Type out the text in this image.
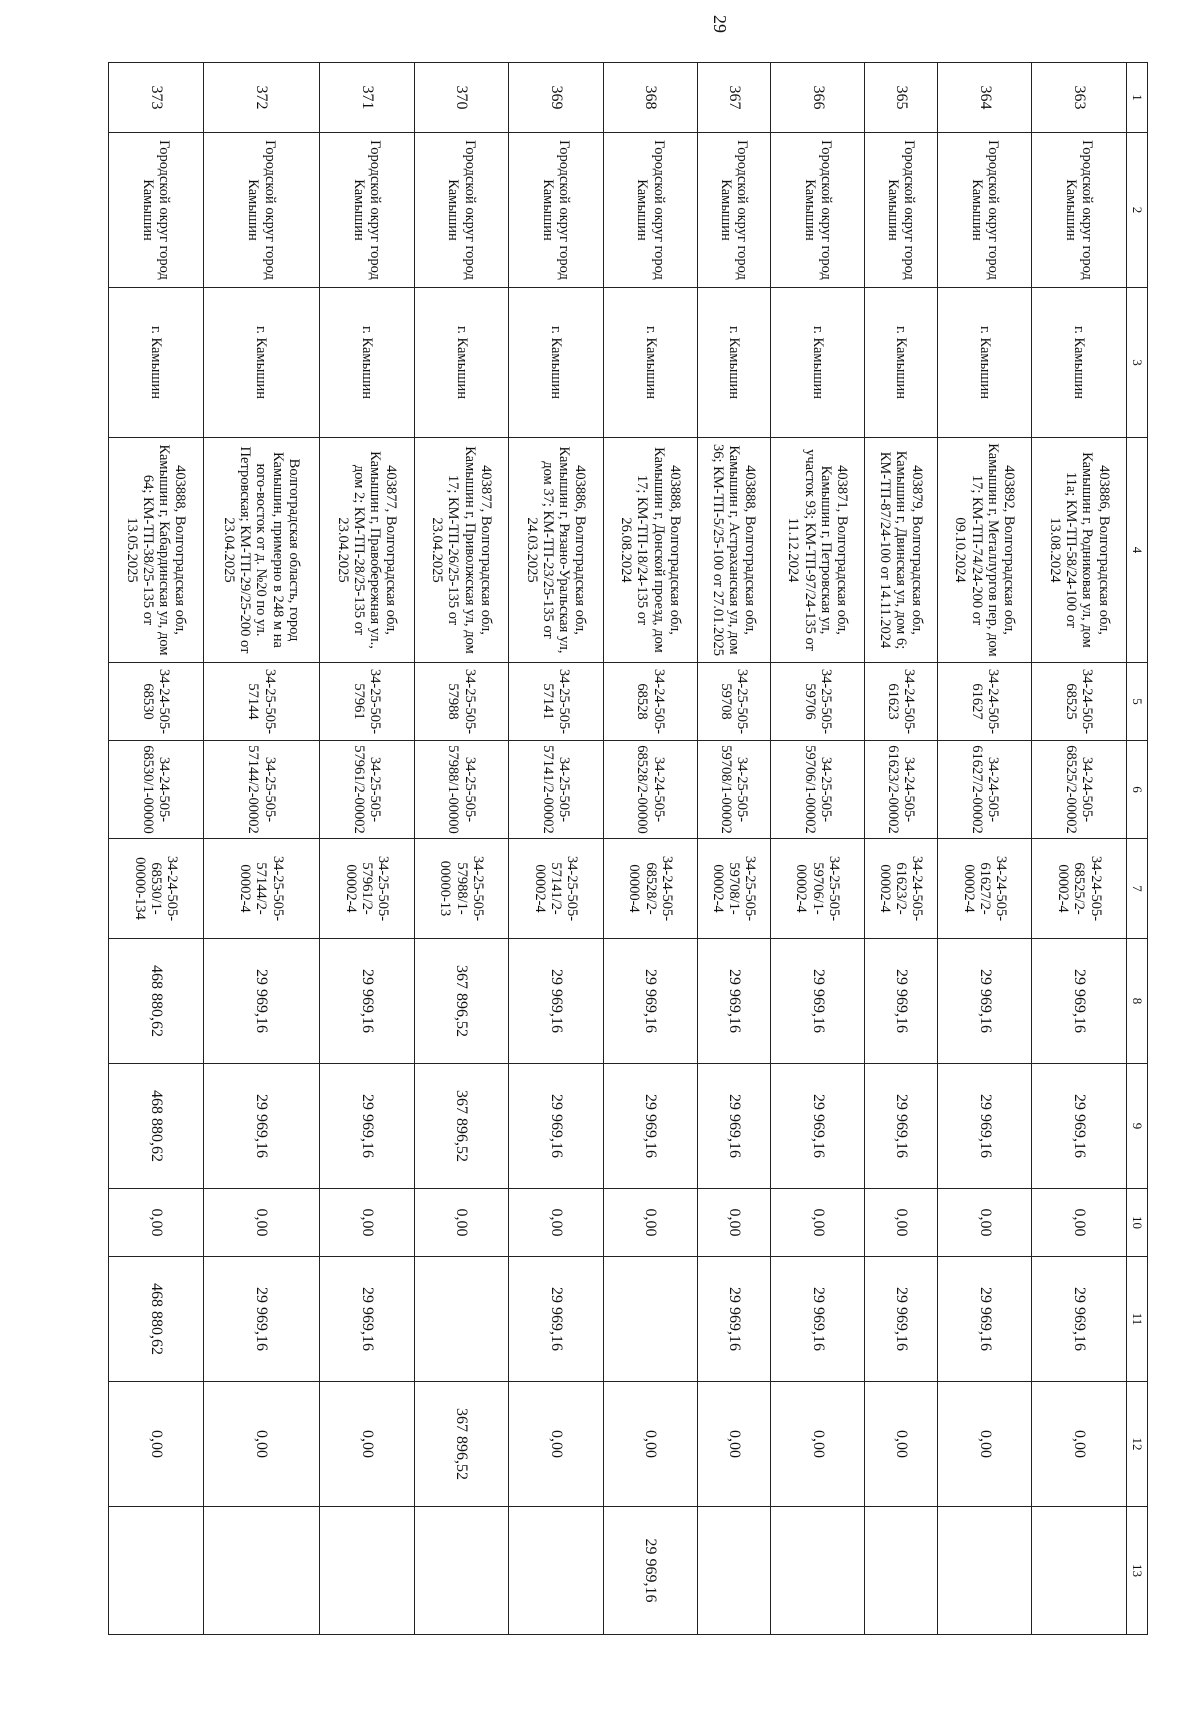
29
1	2	3	4	5	6	7	8	9	10	11	12	13
363	Городской округ город Камышин	г. Камышин	403886, Волгоградская обл, Камышин г, Родниковая ул, дом 11а; КМ-ТП-58/24-100 от 13.08.2024	34-24-505-68525	34-24-505-68525/2-00002	34-24-505-68525/2-00002-4	29 969,16	29 969,16	0,00	29 969,16	0,00	
364	Городской округ город Камышин	г. Камышин	403892, Волгоградская обл, Камышин г, Металлургов пер, дом 17; КМ-ТП-74/24-200 от 09.10.2024	34-24-505-61627	34-24-505-61627/2-00002	34-24-505-61627/2-00002-4	29 969,16	29 969,16	0,00	29 969,16	0,00	
365	Городской округ город Камышин	г. Камышин	403879, Волгоградская обл, Камышин г, Двинская ул, дом 6; КМ-ТП-87/24-100 от 14.11.2024	34-24-505-61623	34-24-505-61623/2-00002	34-24-505-61623/2-00002-4	29 969,16	29 969,16	0,00	29 969,16	0,00	
366	Городской округ город Камышин	г. Камышин	403871, Волгоградская обл, Камышин г, Петровская ул, участок 93; КМ-ТП-97/24-135 от 11.12.2024	34-25-505-59706	34-25-505-59706/1-00002	34-25-505-59706/1-00002-4	29 969,16	29 969,16	0,00	29 969,16	0,00	
367	Городской округ город Камышин	г. Камышин	403888, Волгоградская обл, Камышин г, Астраханская ул, дом 36; КМ-ТП-5/25-100 от 27.01.2025	34-25-505-59708	34-25-505-59708/1-00002	34-25-505-59708/1-00002-4	29 969,16	29 969,16	0,00	29 969,16	0,00	
368	Городской округ город Камышин	г. Камышин	403888, Волгоградская обл, Камышин г, Донской проезд, дом 17; КМ-ТП-18/24-135 от 26.08.2024	34-24-505-68528	34-24-505-68528/2-00000	34-24-505-68528/2-00000-4	29 969,16	29 969,16	0,00		0,00	29 969,16
369	Городской округ город Камышин	г. Камышин	403886, Волгоградская обл, Камышин г, Рязано-Уральская ул, дом 37; КМ-ТП-23/25-135 от 24.03.2025	34-25-505-57141	34-25-505-57141/2-00002	34-25-505-57141/2-00002-4	29 969,16	29 969,16	0,00	29 969,16	0,00	
370	Городской округ город Камышин	г. Камышин	403877, Волгоградская обл, Камышин г, Приволжская ул, дом 17; КМ-ТП-26/25-135 от 23.04.2025	34-25-505-57988	34-25-505-57988/1-00000	34-25-505-57988/1-00000-13	367 896,52	367 896,52	0,00		367 896,52	
371	Городской округ город Камышин	г. Камышин	403877, Волгоградская обл, Камышин г, Правобережная ул., дом 2; КМ-ТП-28/25-135 от 23.04.2025	34-25-505-57961	34-25-505-57961/2-00002	34-25-505-57961/2-00002-4	29 969,16	29 969,16	0,00	29 969,16	0,00	
372	Городской округ город Камышин	г. Камышин	Волгоградская область, город Камышин, примерно в 248 м на юго-восток от д. №20 по ул. Петровская; КМ-ТП-29/25-200 от 23.04.2025	34-25-505-57144	34-25-505-57144/2-00002	34-25-505-57144/2-00002-4	29 969,16	29 969,16	0,00	29 969,16	0,00	
373	Городской округ город Камышин	г. Камышин	403888, Волгоградская обл, Камышин г, Кабардинская ул, дом 64; КМ-ТП-38/25-135 от 13.05.2025	34-24-505-68530	34-24-505-68530/1-00000	34-24-505-68530/1-00000-134	468 880,62	468 880,62	0,00	468 880,62	0,00	
